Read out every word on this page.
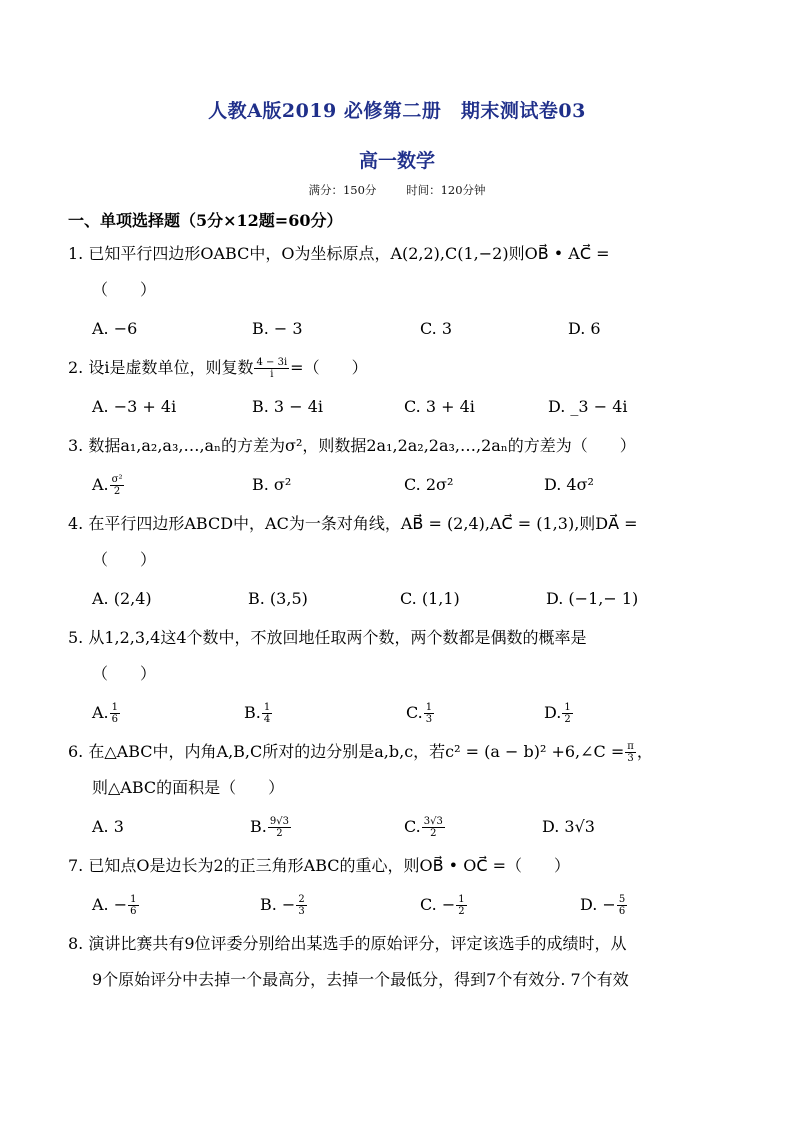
人教A版2019 必修第二册　期末测试卷03
高一数学
满分：150分	时间：120分钟
一、单项选择题（5分×12题=60分）
1. 已知平行四边形OABC中，O为坐标原点，A(2,2),C(1,−2)则OB⃗ • AC⃗ =
（　　）
A. −6	B. − 3	C. 3	D. 6
2. 设i是虚数单位，则复数 $\frac{4 - 3i}{i}$ =（　　）
A. −3 + 4i	B. 3 − 4i	C. 3 + 4i	D. _3 − 4i
3. 数据a₁,a₂,a₃,…,aₙ的方差为σ²，则数据2a₁,2a₂,2a₃,…,2aₙ的方差为（　　）
A. $\frac{\text{σ²}}{2}$	B. σ²	C. 2σ²	D. 4σ²
4. 在平行四边形ABCD中，AC为一条对角线，AB⃗ = (2,4),AC⃗ = (1,3),则DA⃗ =
（　　）
A. (2,4)	B. (3,5)	C. (1,1)	D. (−1,− 1)
5. 从1,2,3,4这4个数中，不放回地任取两个数，两个数都是偶数的概率是
（　　）
A. $\frac{1}{6}$	B. $\frac{1}{4}$	C. $\frac{1}{3}$	D. $\frac{1}{2}$
6. 在△ABC中，内角A,B,C所对的边分别是a,b,c，若c² = (a − b)² +6,∠C = $\frac{\pi}{3}$ ，
则△ABC的面积是（　　）
A. 3	B. $\frac{9√3}{2}$	C. $\frac{3√3}{2}$	D. 3√3
7. 已知点O是边长为2的正三角形ABC的重心，则OB⃗ • OC⃗ =（　　）
A. − $\frac{1}{6}$	B. − $\frac{2}{3}$	C. − $\frac{1}{2}$	D. − $\frac{5}{6}$
8. 演讲比赛共有9位评委分别给出某选手的原始评分，评定该选手的成绩时，从
9个原始评分中去掉一个最高分，去掉一个最低分，得到7个有效分. 7个有效
